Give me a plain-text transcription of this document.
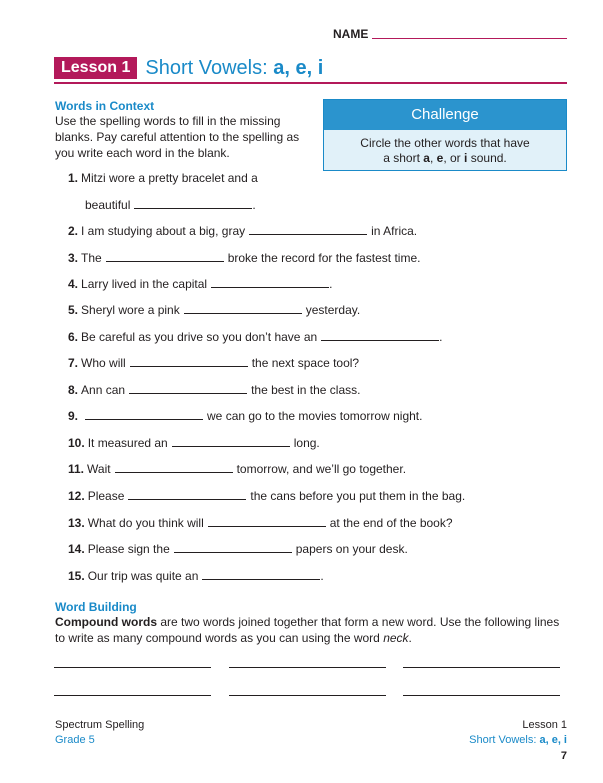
NAME
Lesson 1 Short Vowels: a, e, i
Words in Context
Use the spelling words to fill in the missing blanks. Pay careful attention to the spelling as you write each word in the blank.
Challenge
Circle the other words that have
a short a, e, or i sound.
1. Mitzi wore a pretty bracelet and a
beautiful	.
2. I am studying about a big, gray	in Africa.
3. The	broke the record for the fastest time.
4. Larry lived in the capital	.
5. Sheryl wore a pink	yesterday.
6. Be careful as you drive so you don’t have an	.
7. Who will	the next space tool?
8. Ann can	the best in the class.
9.	we can go to the movies tomorrow night.
10. It measured an	long.
11. Wait	tomorrow, and we’ll go together.
12. Please	the cans before you put them in the bag.
13. What do you think will	at the end of the book?
14. Please sign the	papers on your desk.
15. Our trip was quite an	.
Word Building
Compound words are two words joined together that form a new word. Use the following lines to write as many compound words as you can using the word neck.
Spectrum Spelling
Grade 5
Lesson 1
Short Vowels: a, e, i
7
